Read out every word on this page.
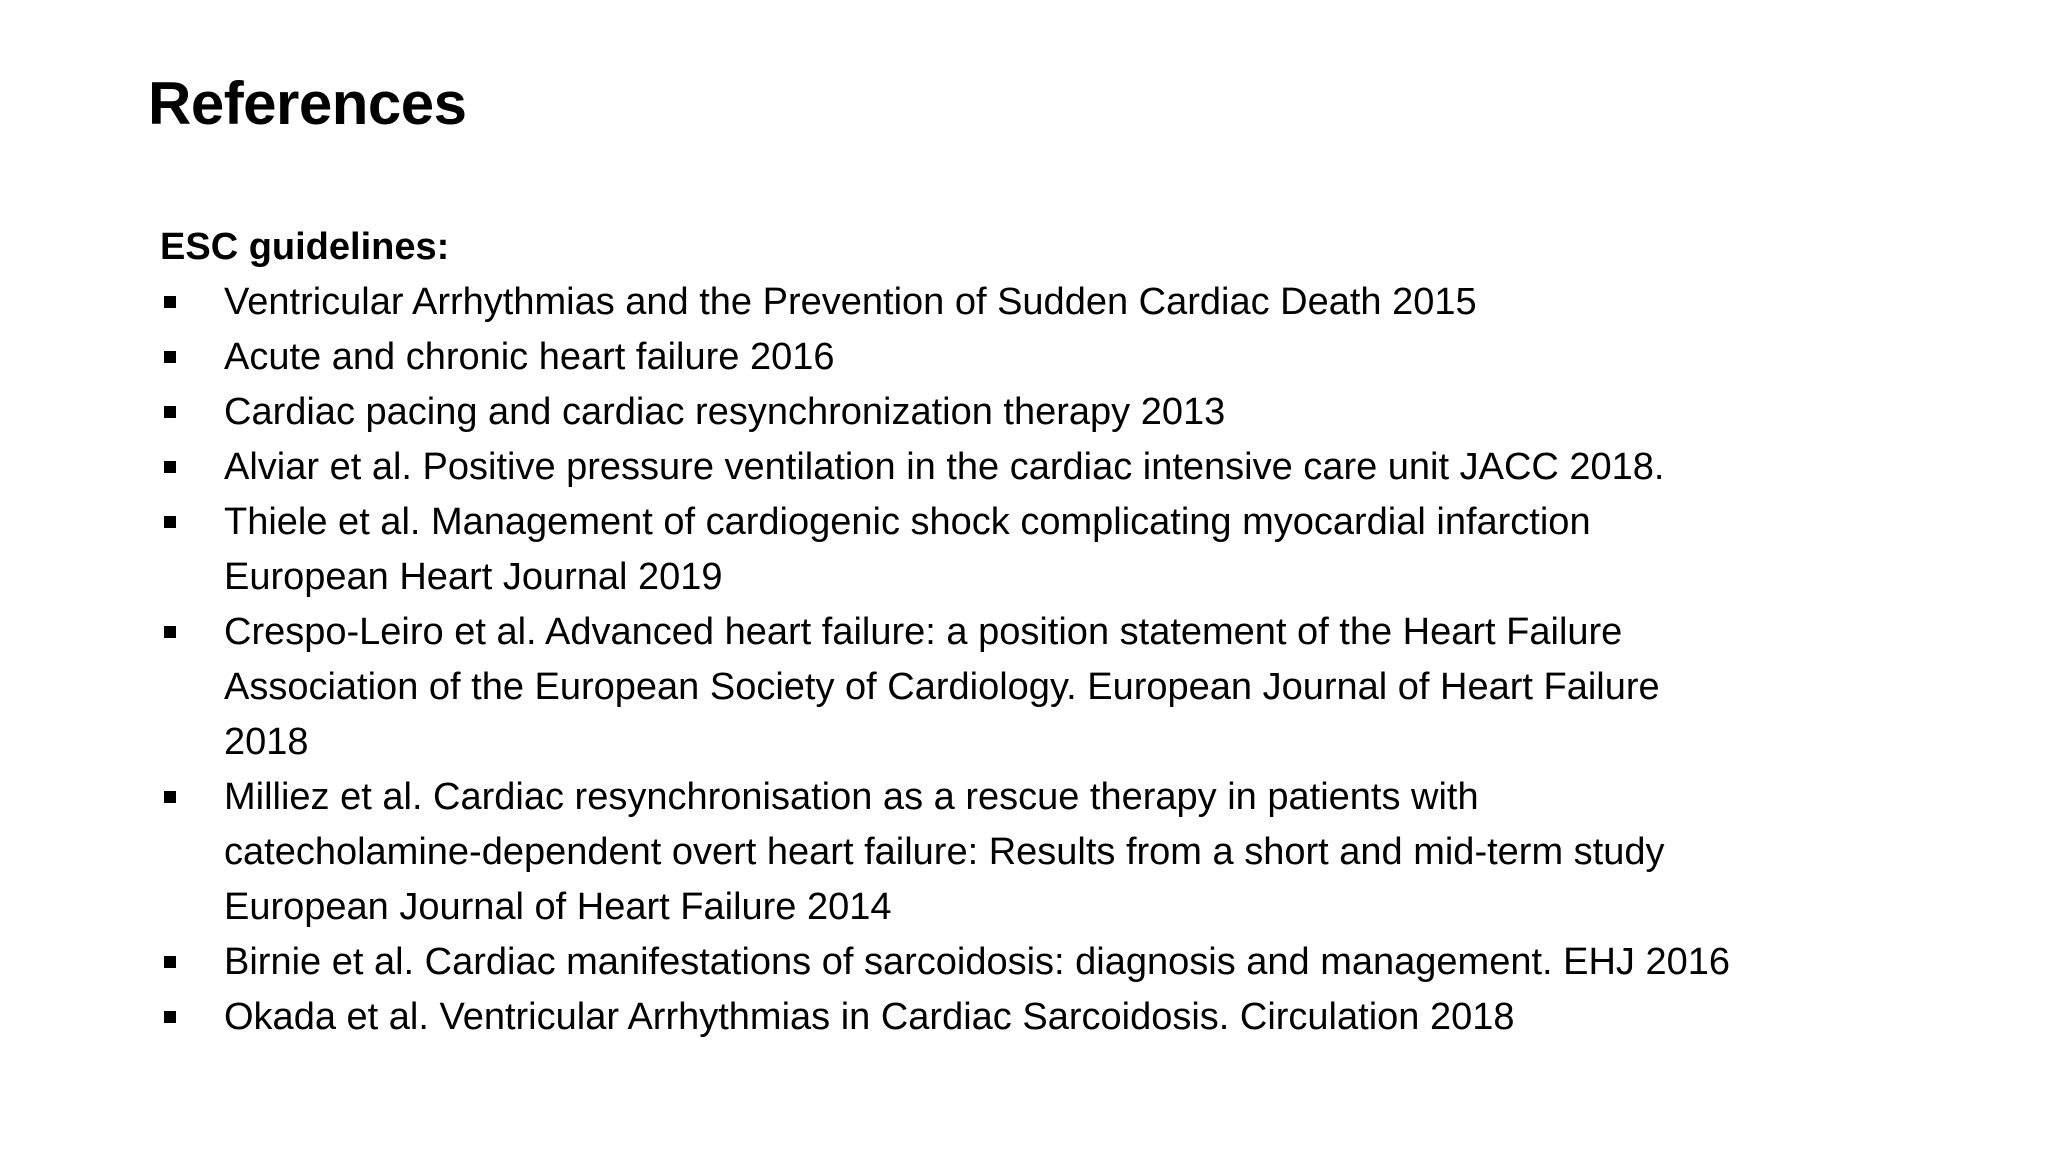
References
ESC guidelines:
Ventricular Arrhythmias and the Prevention of Sudden Cardiac Death 2015
Acute and chronic heart failure 2016
Cardiac pacing and cardiac resynchronization therapy 2013
Alviar et al. Positive pressure ventilation in the cardiac intensive care unit JACC 2018.
Thiele et al. Management of cardiogenic shock complicating myocardial infarction
European Heart Journal 2019
Crespo-Leiro et al. Advanced heart failure: a position statement of the Heart Failure
Association of the European Society of Cardiology. European Journal of Heart Failure
2018
Milliez et al. Cardiac resynchronisation as a rescue therapy in patients with
catecholamine-dependent overt heart failure: Results from a short and mid-term study
European Journal of Heart Failure 2014
Birnie et al. Cardiac manifestations of sarcoidosis: diagnosis and management. EHJ 2016
Okada et al. Ventricular Arrhythmias in Cardiac Sarcoidosis. Circulation 2018
